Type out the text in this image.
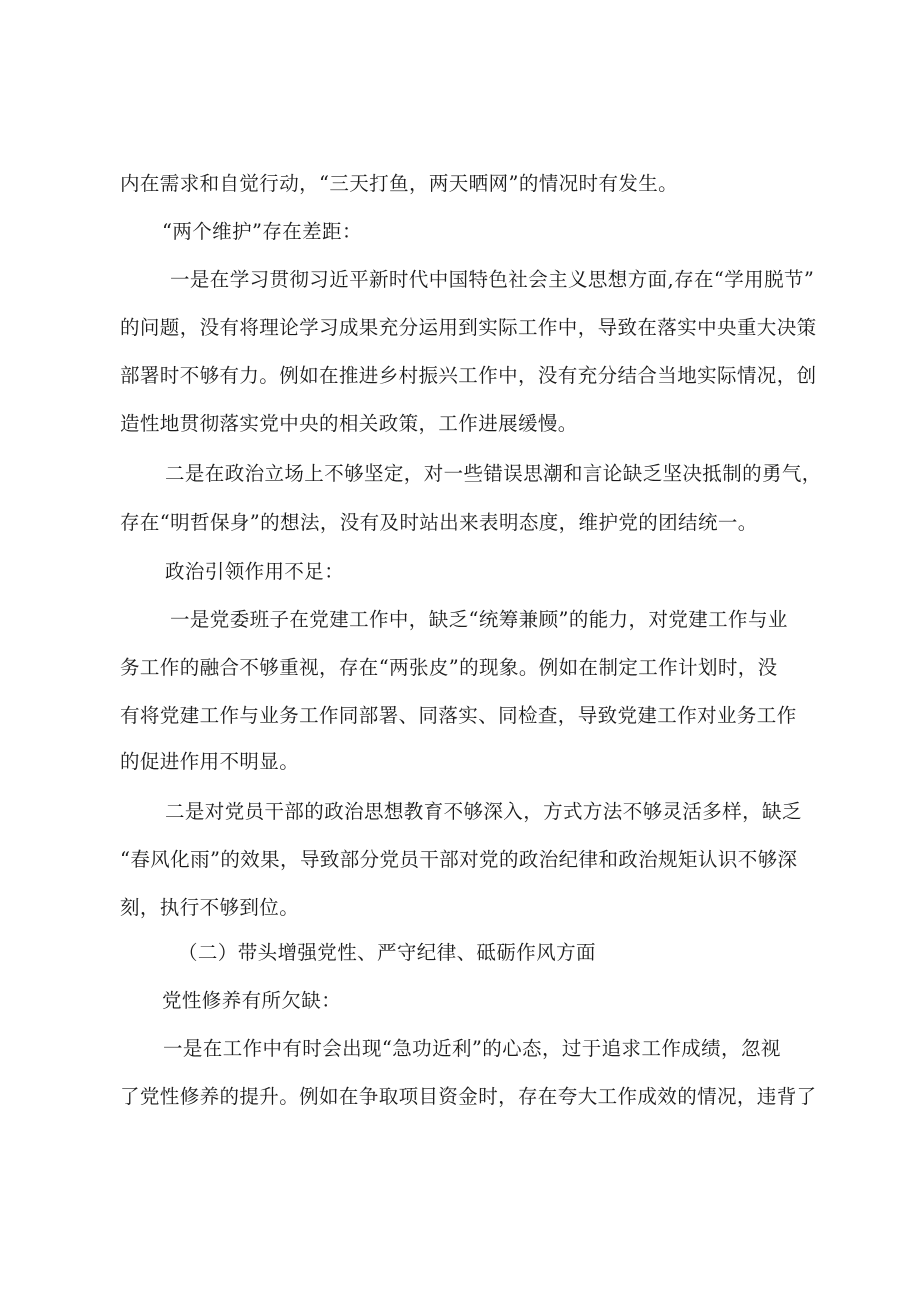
内在需求和自觉行动，“三天打鱼，两天晒网”的情况时有发生。
“两个维护”存在差距：
一是在学习贯彻习近平新时代中国特色社会主义思想方面,存在“学用脱节”
的问题，没有将理论学习成果充分运用到实际工作中，导致在落实中央重大决策
部署时不够有力。例如在推进乡村振兴工作中，没有充分结合当地实际情况，创
造性地贯彻落实党中央的相关政策，工作进展缓慢。
二是在政治立场上不够坚定，对一些错误思潮和言论缺乏坚决抵制的勇气，
存在“明哲保身”的想法，没有及时站出来表明态度，维护党的团结统一。
政治引领作用不足：
一是党委班子在党建工作中，缺乏“统筹兼顾”的能力，对党建工作与业
务工作的融合不够重视，存在“两张皮”的现象。例如在制定工作计划时，没
有将党建工作与业务工作同部署、同落实、同检查，导致党建工作对业务工作
的促进作用不明显。
二是对党员干部的政治思想教育不够深入，方式方法不够灵活多样，缺乏
“春风化雨”的效果，导致部分党员干部对党的政治纪律和政治规矩认识不够深
刻，执行不够到位。
（二）带头增强党性、严守纪律、砥砺作风方面
党性修养有所欠缺：
一是在工作中有时会出现“急功近利”的心态，过于追求工作成绩，忽视
了党性修养的提升。例如在争取项目资金时，存在夸大工作成效的情况，违背了
